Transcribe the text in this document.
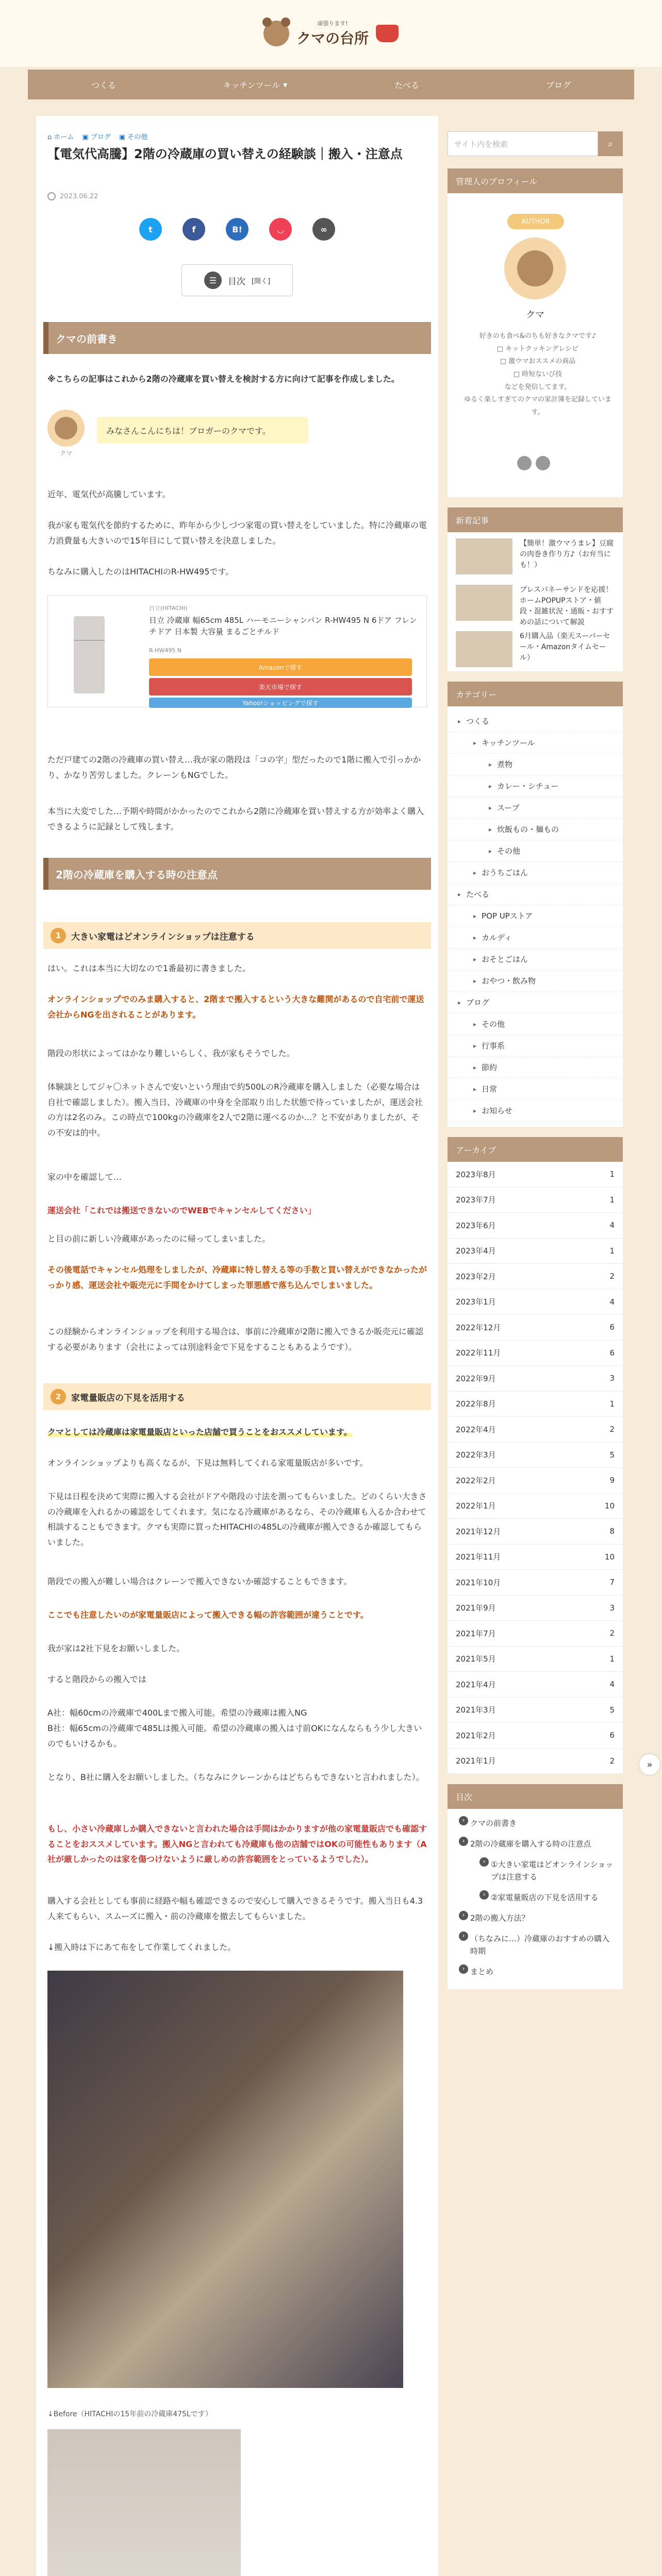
頑張ります!
クマの台所
つくる	キッチンツール ▾	たべる	ブログ
⌂ ホーム ▣ ブログ ▣ その他
【電気代高騰】2階の冷蔵庫の買い替えの経験談｜搬入・注意点
2023.06.22
t	f	B!	◡	∞
☰	目次 [開く]
クマの前書き

※こちらの記事はこれから2階の冷蔵庫を買い替えを検討する方に向けて記事を作成しました。

クマ
みなさんこんにちは！ブロガーのクマです。

近年、電気代が高騰しています。

我が家も電気代を節約するために、昨年から少しづつ家電の買い替えをしていました。特に冷蔵庫の電力消費量も大きいので15年目にして買い替えを決意しました。

ちなみに購入したのはHITACHIのR-HW495です。

日立(HITACHI)
日立 冷蔵庫 幅65cm 485L ハーモニーシャンパン R-HW495 N 6ドア フレンチドア 日本製 大容量 まるごとチルド
R-HW495 N
Amazonで探す
楽天市場で探す
Yahoo!ショッピングで探す

ただ戸建ての2階の冷蔵庫の買い替え…我が家の階段は「コの字」型だったので1階に搬入で引っかかり、かなり苦労しました。クレーンもNGでした。

本当に大変でした…予期や時間がかかったのでこれから2階に冷蔵庫を買い替えする方が効率よく購入できるように記録として残します。

2階の冷蔵庫を購入する時の注意点
1	大きい家電はどオンラインショップは注意する

はい。これは本当に大切なので1番最初に書きました。

オンラインショップでのみま購入すると、2階まで搬入するという大きな難関があるので自宅前で運送会社からNGを出されることがあります。

階段の形状によってはかなり難しいらしく、我が家もそうでした。

体験談としてジャ〇ネットさんで安いという理由で約500LのR冷蔵庫を購入しました（必要な場合は自社で確認しました）。搬入当日、冷蔵庫の中身を全部取り出した状態で待っていましたが、運送会社の方は2名のみ。この時点で100kgの冷蔵庫を2人で2階に運べるのか…？と不安がありましたが、その不安は的中。

家の中を確認して…

運送会社「これでは搬送できないのでWEBでキャンセルしてください」

と目の前に新しい冷蔵庫があったのに帰ってしまいました。

その後電話でキャンセル処理をしましたが、冷蔵庫に特し替える等の手数と買い替えができなかったがっかり感、運送会社や販売元に手間をかけてしまった罪悪感で落ち込んでしまいました。

この経験からオンラインショップを利用する場合は、事前に冷蔵庫が2階に搬入できるか販売元に確認する必要があります（会社によっては別途料金で下見をすることもあるようです）。

2	家電量販店の下見を活用する

クマとしては冷蔵庫は家電量販店といった店舗で買うことをおススメしています。

オンラインショップよりも高くなるが、下見は無料してくれる家電量販店が多いです。

下見は日程を決めて実際に搬入する会社がドアや階段の寸法を測ってもらいました。どのくらい大きさの冷蔵庫を入れるかの確認をしてくれます。気になる冷蔵庫があるなら、その冷蔵庫も入るか合わせて相談することもできます。クマも実際に買ったHITACHIの485Lの冷蔵庫が搬入できるか確認してもらいました。

階段での搬入が難しい場合はクレーンで搬入できないか確認することもできます。

ここでも注意したいのが家電量販店によって搬入できる幅の許容範囲が違うことです。

我が家は2社下見をお願いしました。

すると階段からの搬入では

A社：幅60cmの冷蔵庫で400Lまで搬入可能。希望の冷蔵庫は搬入NG

B社：幅65cmの冷蔵庫で485Lは搬入可能。希望の冷蔵庫の搬入は寸前OKになんならもう少し大きいのでもいけるかも。

となり、B社に購入をお願いしました。（ちなみにクレーンからはどちらもできないと言われました）。

もし、小さい冷蔵庫しか購入できないと言われた場合は手間はかかりますが他の家電量販店でも確認することをおススメしています。搬入NGと言われても冷蔵庫も他の店舗ではOKの可能性もあります（A社が厳しかったのは家を傷つけないように厳しめの許容範囲をとっているようでした）。

購入する会社としても事前に経路や幅も確認できるので安心して購入できるそうです。搬入当日も4.3人来てもらい、スムーズに搬入・前の冷蔵庫を撤去してもらいました。

↓搬入時は下にあて布をして作業してくれました。

↓Before（HITACHIの15年前の冷蔵庫475Lです）
サイト内を検索	⌕
管理人のプロフィール
AUTHOR
クマ
好きのも食べ&のちも好きなクマです♪
□ キットクッキングレシピ
□ 激ウマおススメの商品
□ 時短ないび技
などを発信してます。
ゆるく楽しすぎてのクマの家計簿を記録しています。
新着記事
【簡単！激ウマうまレ】豆腐の肉巻き作り方♪（お弁当にも！）
プレスパネーサンドを応援！ホームPOPUPストア・値段・混雑状況・通販・おすすめの話について解説
6月購入品（楽天スーパーセール・Amazonタイムセール）
カテゴリー
▸ つくる
▸ キッチンツール
▸ 煮物
▸ カレー・シチュー
▸ スープ
▸ 炊飯もの・麺もの
▸ その他
▸ おうちごはん
▸ たべる
▸ POP UPストア
▸ カルディ
▸ おそとごはん
▸ おやつ・飲み物
▸ ブログ
▸ その他
▸ 行事系
▸ 節約
▸ 日常
▸ お知らせ
アーカイブ
2023年8月	1
2023年7月	1
2023年6月	4
2023年4月	1
2023年2月	2
2023年1月	4
2022年12月	6
2022年11月	6
2022年9月	3
2022年8月	1
2022年4月	2
2022年3月	5
2022年2月	9
2022年1月	10
2021年12月	8
2021年11月	10
2021年10月	7
2021年9月	3
2021年7月	2
2021年5月	1
2021年4月	4
2021年3月	5
2021年2月	6
2021年1月	2
目次
› クマの前書き
› 2階の冷蔵庫を購入する時の注意点
› ①大きい家電はどオンラインショップは注意する
› ②家電量販店の下見を活用する
› 2階の搬入方法？
› （ちなみに…）冷蔵庫のおすすめの購入時期
› まとめ
»
